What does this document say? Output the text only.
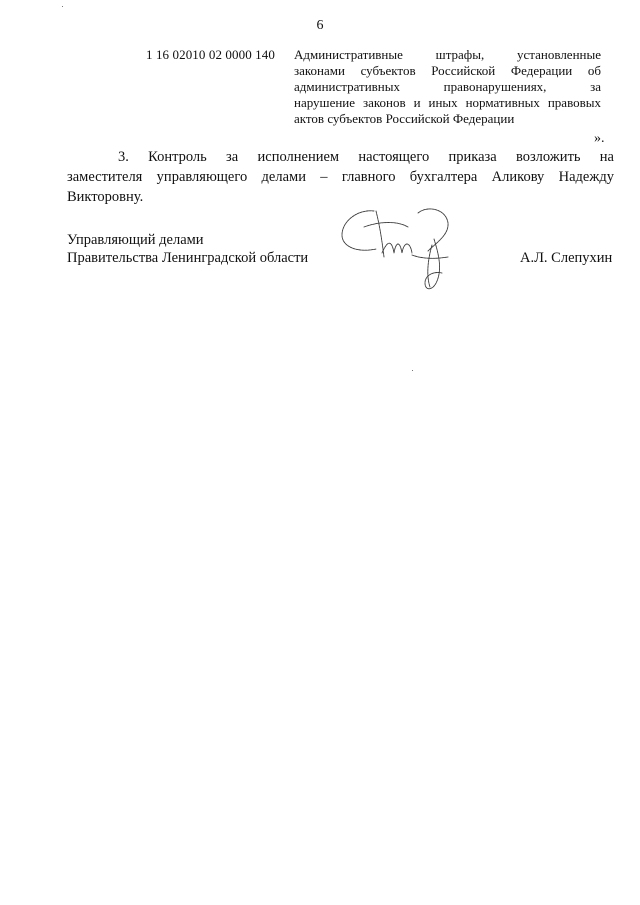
6
1 16 02010 02 0000 140 Административные штрафы, установленные
законами субъектов Российской Федерации об
административных правонарушениях, за
нарушение законов и иных нормативных правовых
актов субъектов Российской Федерации
».
3. Контроль за исполнением настоящего приказа возложить на
заместителя управляющего делами – главного бухгалтера Аликову Надежду
Викторовну.
Управляющий делами
Правительства Ленинградской области	А.Л. Слепухин
